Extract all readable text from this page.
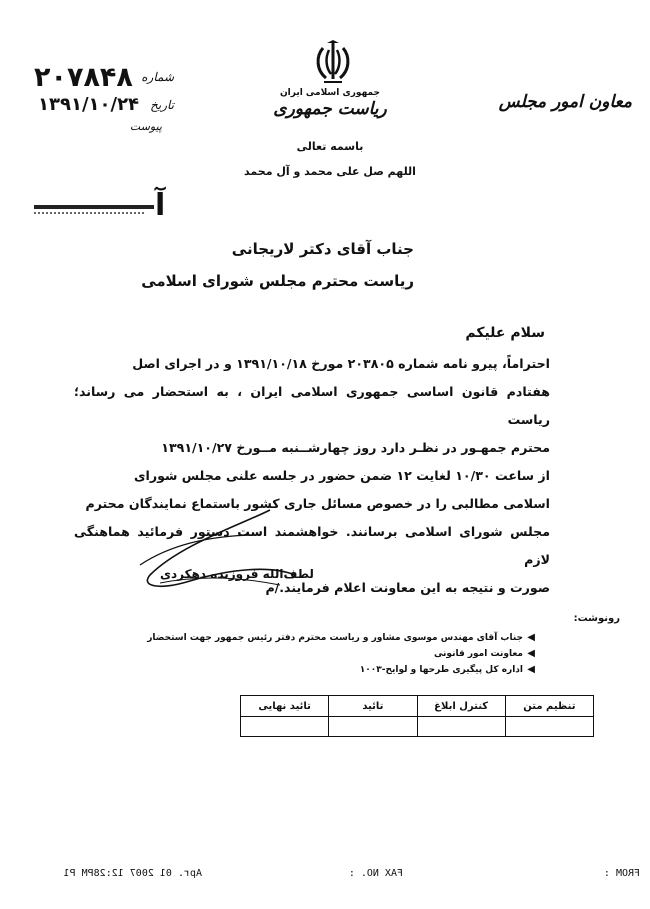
۲۰۷۸۴۸ شماره
۱۳۹۱/۱۰/۲۴ تاریخ
پیوست
جمهوری اسلامی ایران
ریاست جمهوری
باسمه تعالی
اللهم صل علی محمد و آل محمد
معاون امور مجلس
آ
جناب آقای دکتر لاریجانی
ریاست محترم مجلس شورای اسلامی
سلام علیکم

احتراماً، پیرو نامه شماره ۲۰۳۸۰۵ مورخ ۱۳۹۱/۱۰/۱۸ و در اجرای اصل

هفتادم قانون اساسی جمهوری اسلامی ایران ، به استحضار می رساند؛ ریاست

محترم جمهـور در نظـر دارد روز چهارشــنبه مــورخ ۱۳۹۱/۱۰/۲۷

از ساعت ۱۰/۳۰ لغایت ۱۲ ضمن حضور در جلسه علنی مجلس شورای

اسلامی مطالبی را در خصوص مسائل جاری کشور باستماع نمایندگان محترم

مجلس شورای اسلامی برسانند. خواهشمند است دستور فرمائید هماهنگی لازم

صورت و نتیجه به این معاونت اعلام فرمایند./م

لطف‌الله فروزنده دهکردی
رونوشت:
◀
جناب آقای مهندس موسوی مشاور و ریاست محترم دفتر رئیس جمهور جهت استحضار
◀
معاونت امور قانونی
◀
اداره کل پیگیری طرحها و لوایح-۱۰۰۳
تنظیم متن	کنترل ابلاغ	تائید	تائید نهایی

Apr. 01 2007 12:28PM P1	FAX NO. :	FROM :
